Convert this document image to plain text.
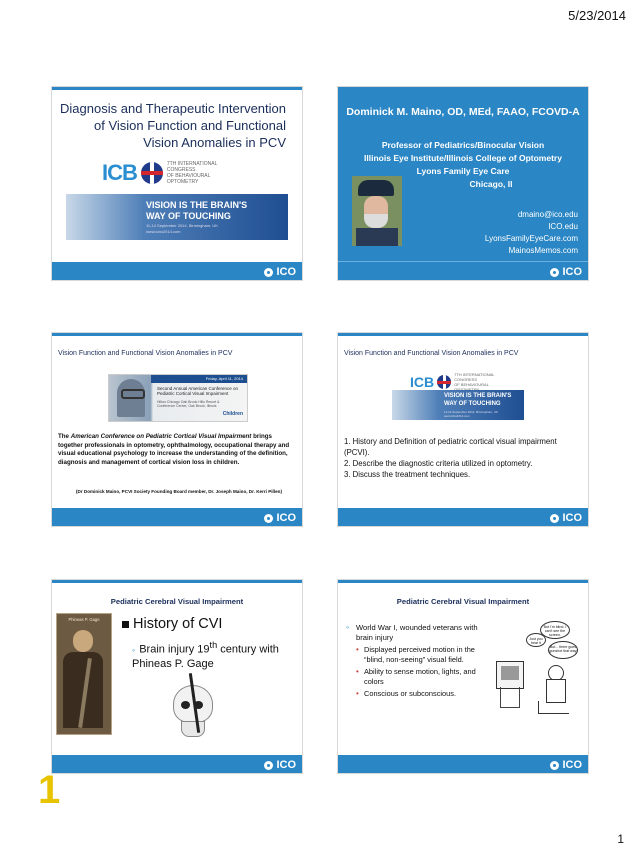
5/23/2014
Diagnosis and Therapeutic Intervention of Vision Function and Functional Vision Anomalies in PCV
ICB	7TH INTERNATIONAL CONGRESS
OF BEHAVIOURAL OPTOMETRY
VISION IS THE BRAIN'S
WAY OF TOUCHING
11-14 September 2014, Birmingham, UK
www.icbo2014.com
ICO
Dominick M. Maino, OD, MEd, FAAO, FCOVD-A
Professor of Pediatrics/Binocular Vision
Illinois Eye Institute/Illinois College of Optometry
Lyons Family Eye Care
Chicago, Il
dmaino@ico.edu
ICO.edu
LyonsFamilyEyeCare.com
MainosMemos.com
ICO
Vision Function and Functional Vision Anomalies in PCV
Friday, April 11, 2014
Second Annual American Conference on Pediatric Cortical Visual Impairment
Hilton Chicago Oak Brook Hills Resort & Conference Center, Oak Brook, Illinois
Children
The American Conference on Pediatric Cortical Visual Impairment brings together professionals in optometry, ophthalmology, occupational therapy and visual educational psychology to increase the understanding of the definition, diagnosis and management of cortical vision loss in children.
(Dr Dominick Maino, PCVI Society Founding Board member, Dr. Joseph Maino, Dr. Kerri Pillen)
ICO
Vision Function and Functional Vision Anomalies in PCV
ICB	7TH INTERNATIONAL CONGRESS
OF BEHAVIOURAL
VISION IS THE BRAIN'S
WAY OF TOUCHING
11-14 September 2014, Birmingham, UK
www.icbo2014.com
1. History and Definition of pediatric cortical visual impairment (PCVI).
2. Describe the diagnostic criteria utilized in optometry.
3. Discuss the treatment techniques.
ICO
Pediatric Cerebral Visual Impairment
Phineas P. Gage	History of CVI
◦ Brain injury 19th century with Phineas P. Gage
ICO
Pediatric Cerebral Visual Impairment
◦ World War I, wounded veterans with brain injury
• Displayed perceived motion in the “blind, non-seeing” visual field.
• Ability to sense motion, lights, and colors
• Conscious or subconscious.
But I'm blind. I can't see the screen.
Just you hear it
But... there goes gunshot that way
ICO
1
1
